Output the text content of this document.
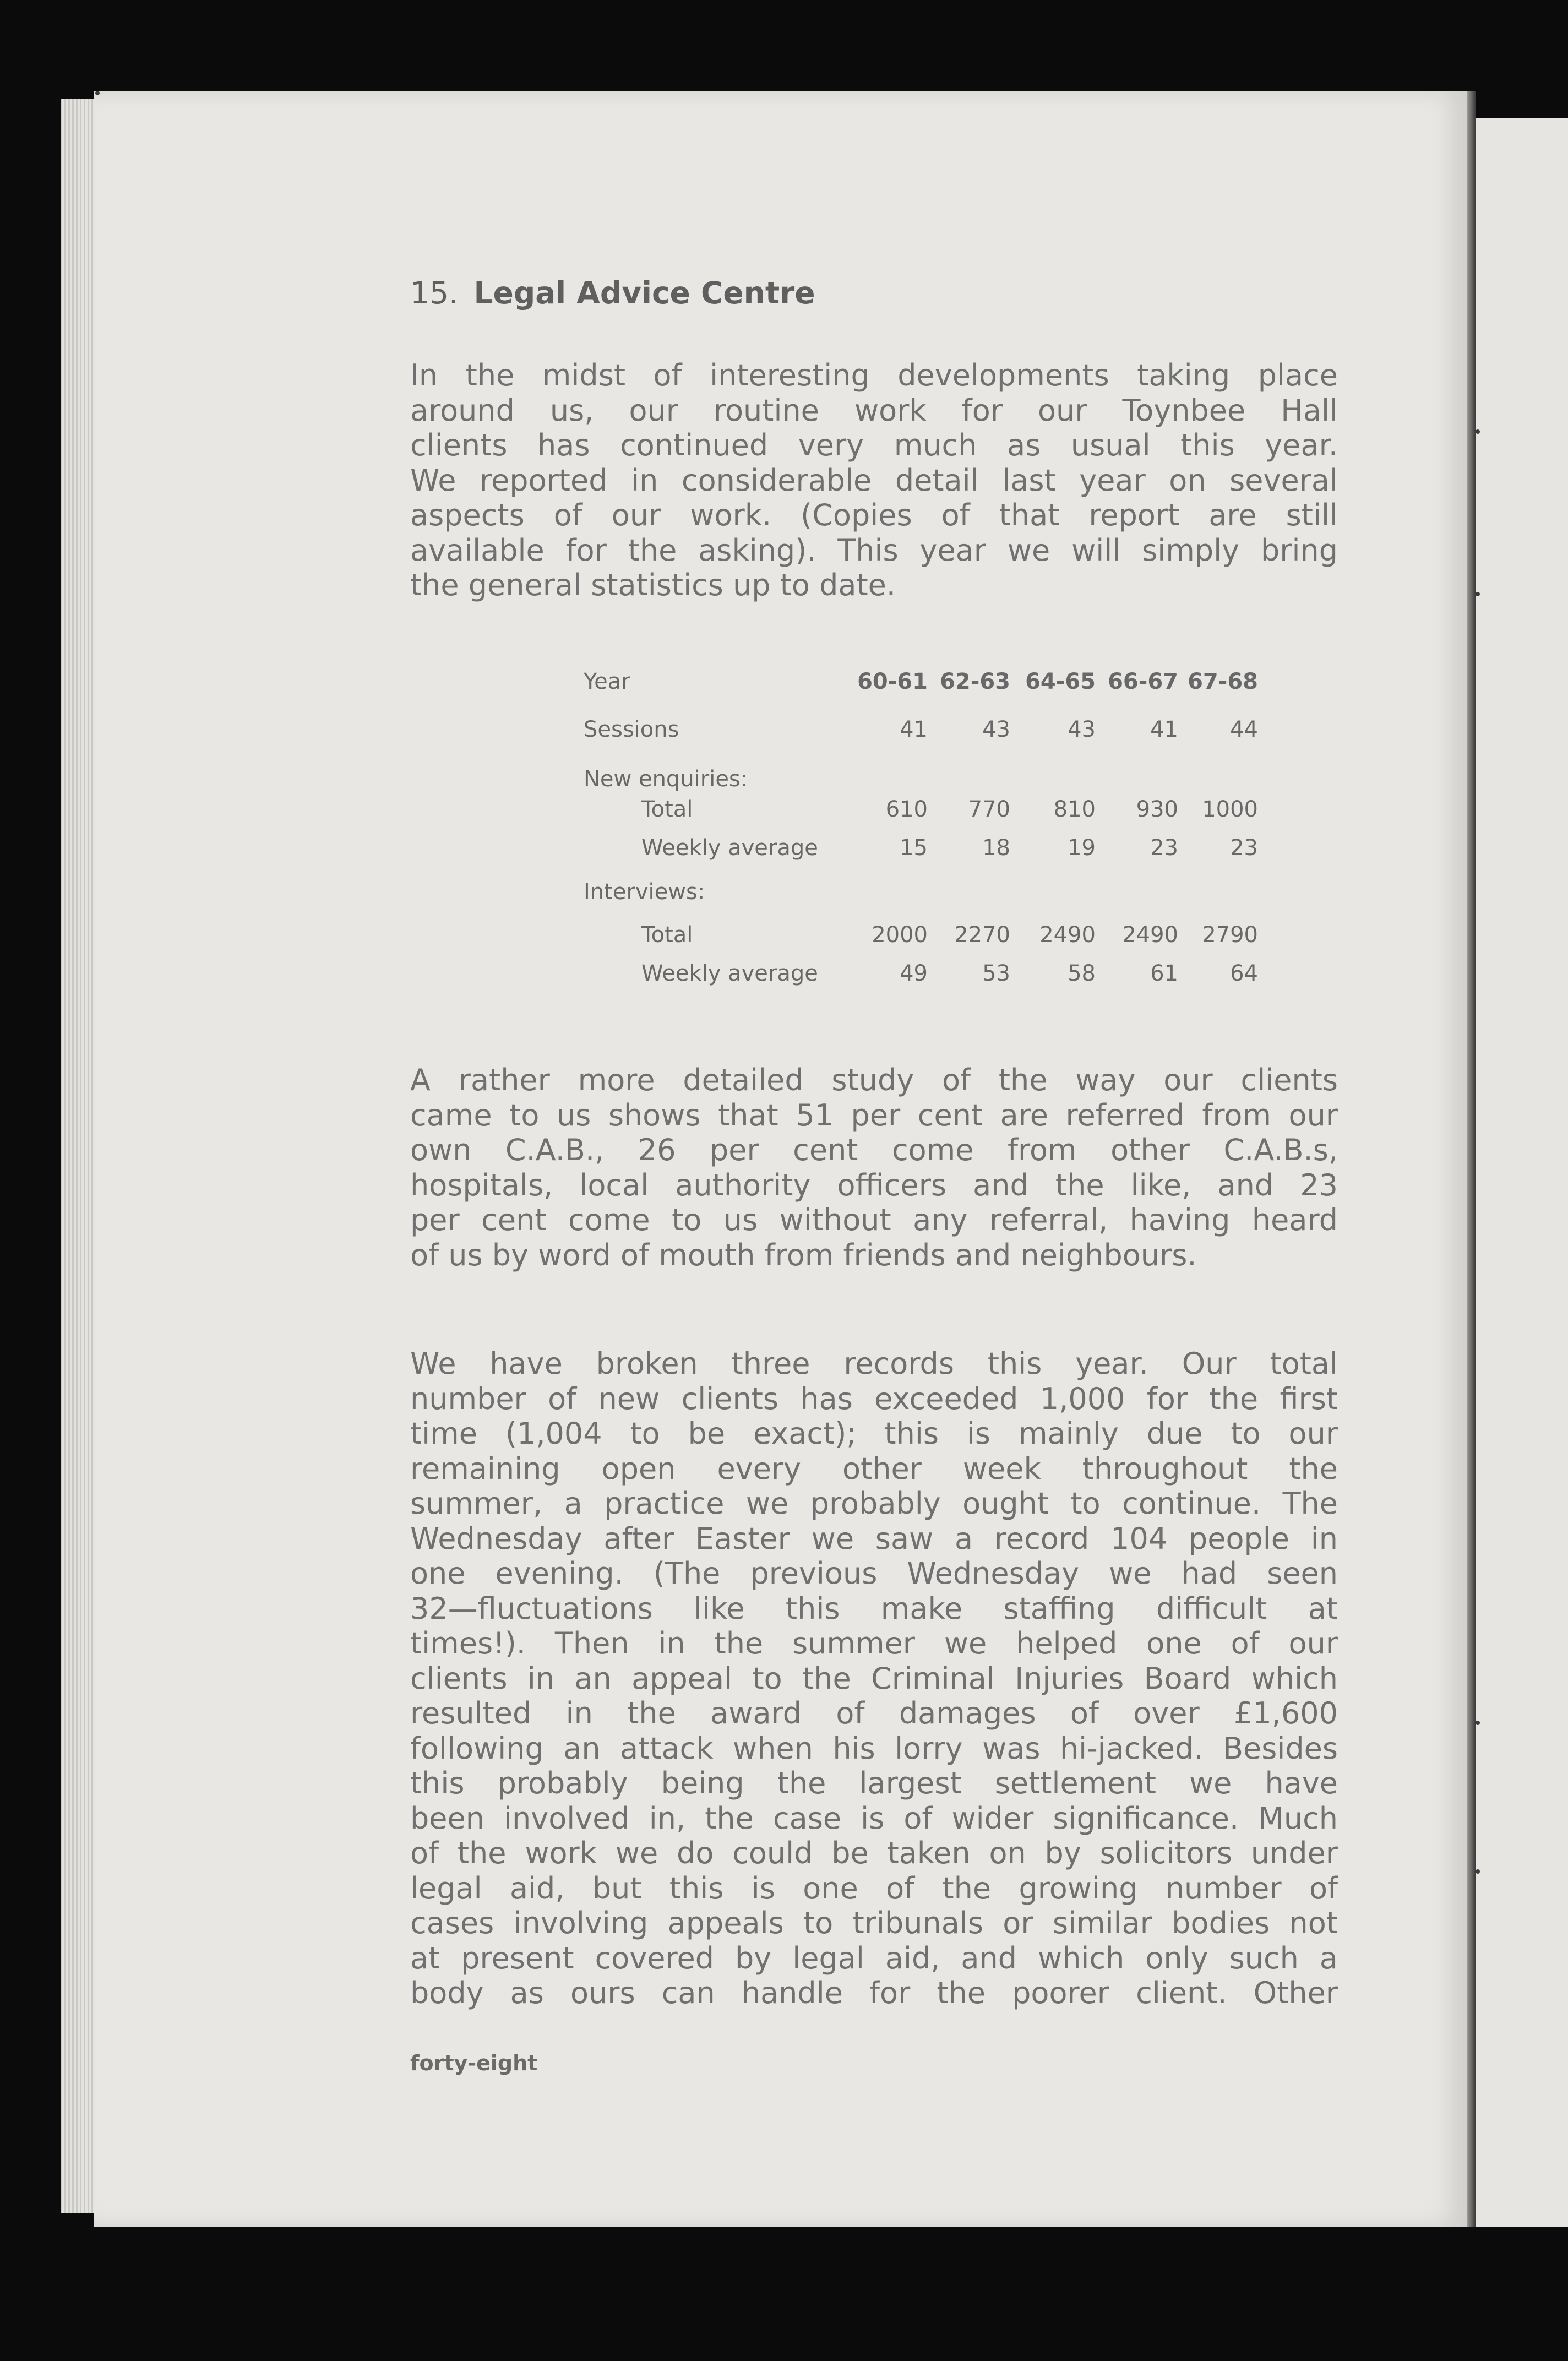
15. Legal Advice Centre

In the midst of interesting developments taking place
around us, our routine work for our Toynbee Hall
clients has continued very much as usual this year.
We reported in considerable detail last year on several
aspects of our work. (Copies of that report are still
available for the asking). This year we will simply bring
the general statistics up to date.

Year	60-61 62-63 64-65 66-67 67-68
Sessions	41	43	43	41	44
New enquiries:
Total	610	770	810	930	1000
Weekly average	15	18	19	23	23
Interviews:
Total	2000	2270	2490	2490	2790
Weekly average	49	53	58	61	64

A rather more detailed study of the way our clients
came to us shows that 51 per cent are referred from our
own C.A.B., 26 per cent come from other C.A.B.s,
hospitals, local authority officers and the like, and 23
per cent come to us without any referral, having heard
of us by word of mouth from friends and neighbours.

We have broken three records this year. Our total
number of new clients has exceeded 1,000 for the first
time (1,004 to be exact); this is mainly due to our
remaining open every other week throughout the
summer, a practice we probably ought to continue. The
Wednesday after Easter we saw a record 104 people in
one evening. (The previous Wednesday we had seen
32—fluctuations like this make staffing difficult at
times!). Then in the summer we helped one of our
clients in an appeal to the Criminal Injuries Board which
resulted in the award of damages of over £1,600
following an attack when his lorry was hi-jacked. Besides
this probably being the largest settlement we have
been involved in, the case is of wider significance. Much
of the work we do could be taken on by solicitors under
legal aid, but this is one of the growing number of
cases involving appeals to tribunals or similar bodies not
at present covered by legal aid, and which only such a
body as ours can handle for the poorer client. Other

forty-eight
